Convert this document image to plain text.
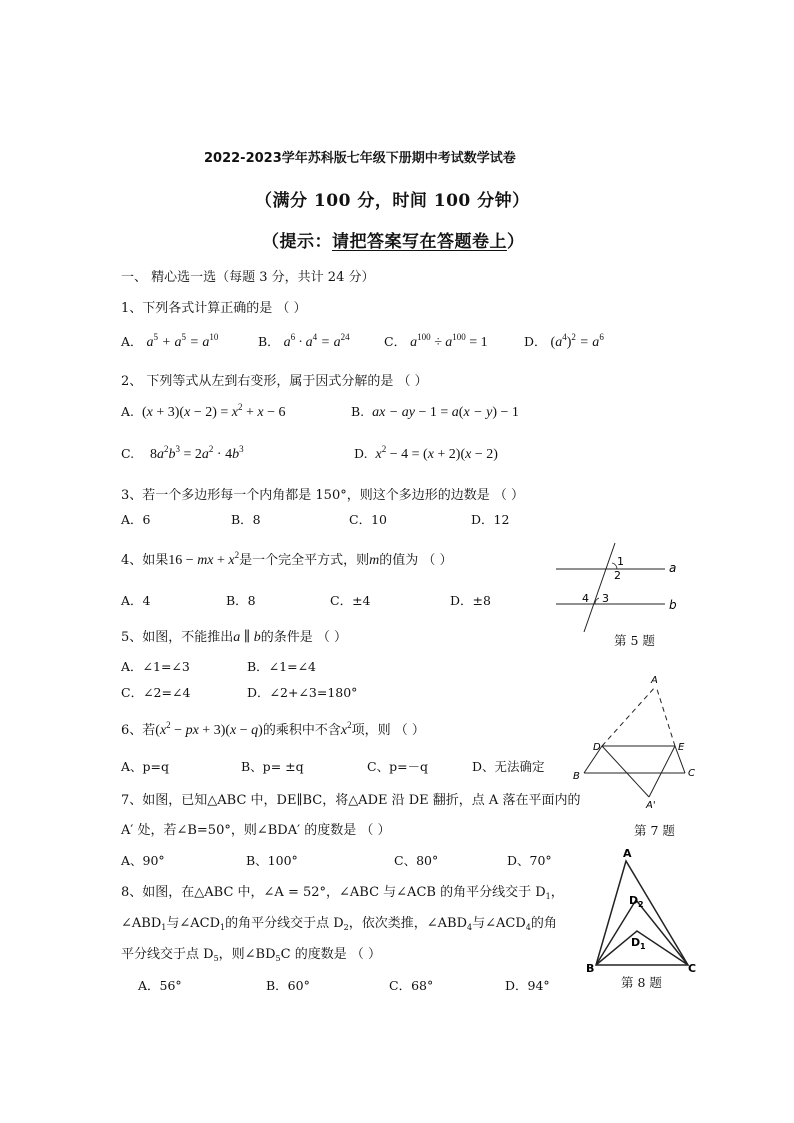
2022-2023学年苏科版七年级下册期中考试数学试卷
（满分 100 分，时间 100 分钟）
（提示：请把答案写在答题卷上）
一、 精心选一选（每题 3 分，共计 24 分）
1、下列各式计算正确的是 （ ）
A． $a^5 + a^5 = a^{10}$	B． $a^6 \cdot a^4 = a^{24}$	C． $a^{100} \div a^{100} = 1$	D． $(a^4)^2 = a^6$
2、 下列等式从左到右变形，属于因式分解的是 （ ）
A. $(x + 3)(x - 2) = x^2 + x - 6$	B. ax − ay − 1 = a(x − y) − 1
C. $8a^2b^3 = 2a^2 \cdot 4b^3$	D. $x^2 - 4 = (x + 2)(x - 2)$
3、若一个多边形每一个内角都是 150°，则这个多边形的边数是 （ ）
A．6	B．8	C．10	D．12
4、如果16 − mx + $x^2$是一个完全平方式，则m的值为 （ ）
A．4	B．8	C．±4	D．±8
1
2
3
4
a
b
第 5 题
5、如图，不能推出a ∥ b的条件是 （ ）
A．∠1=∠3	B．∠1=∠4
C．∠2=∠4	D．∠2+∠3=180°
6、若($x^2$ − px + 3)(x − q)的乘积中不含$x^2$项，则 （ ）
A、p=q	B、p= ±q	C、p=－q	D、无法确定
A
D	E
B	C
A'
第 7 题
7、如图，已知△ABC 中，DE∥BC，将△ADE 沿 DE 翻折，点 A 落在平面内的
A′ 处，若∠B=50°，则∠BDA′ 的度数是 （ ）
A、90°	B、100°	C、80°	D、70°	A
D 2
D 1
B	C
第 8 题
8、如图，在△ABC 中，∠A = 52°，∠ABC 与∠ACB 的角平分线交于 $D_1$，
$\angle ABD_1$与$\angle ACD_1$的角平分线交于点 $D_2$，依次类推，$\angle ABD_4$与$\angle ACD_4$的角
平分线交于点 $D_5$，则$\angle BD_5C$ 的度数是 （ ）
A．56°	B．60°	C．68°	D．94°
